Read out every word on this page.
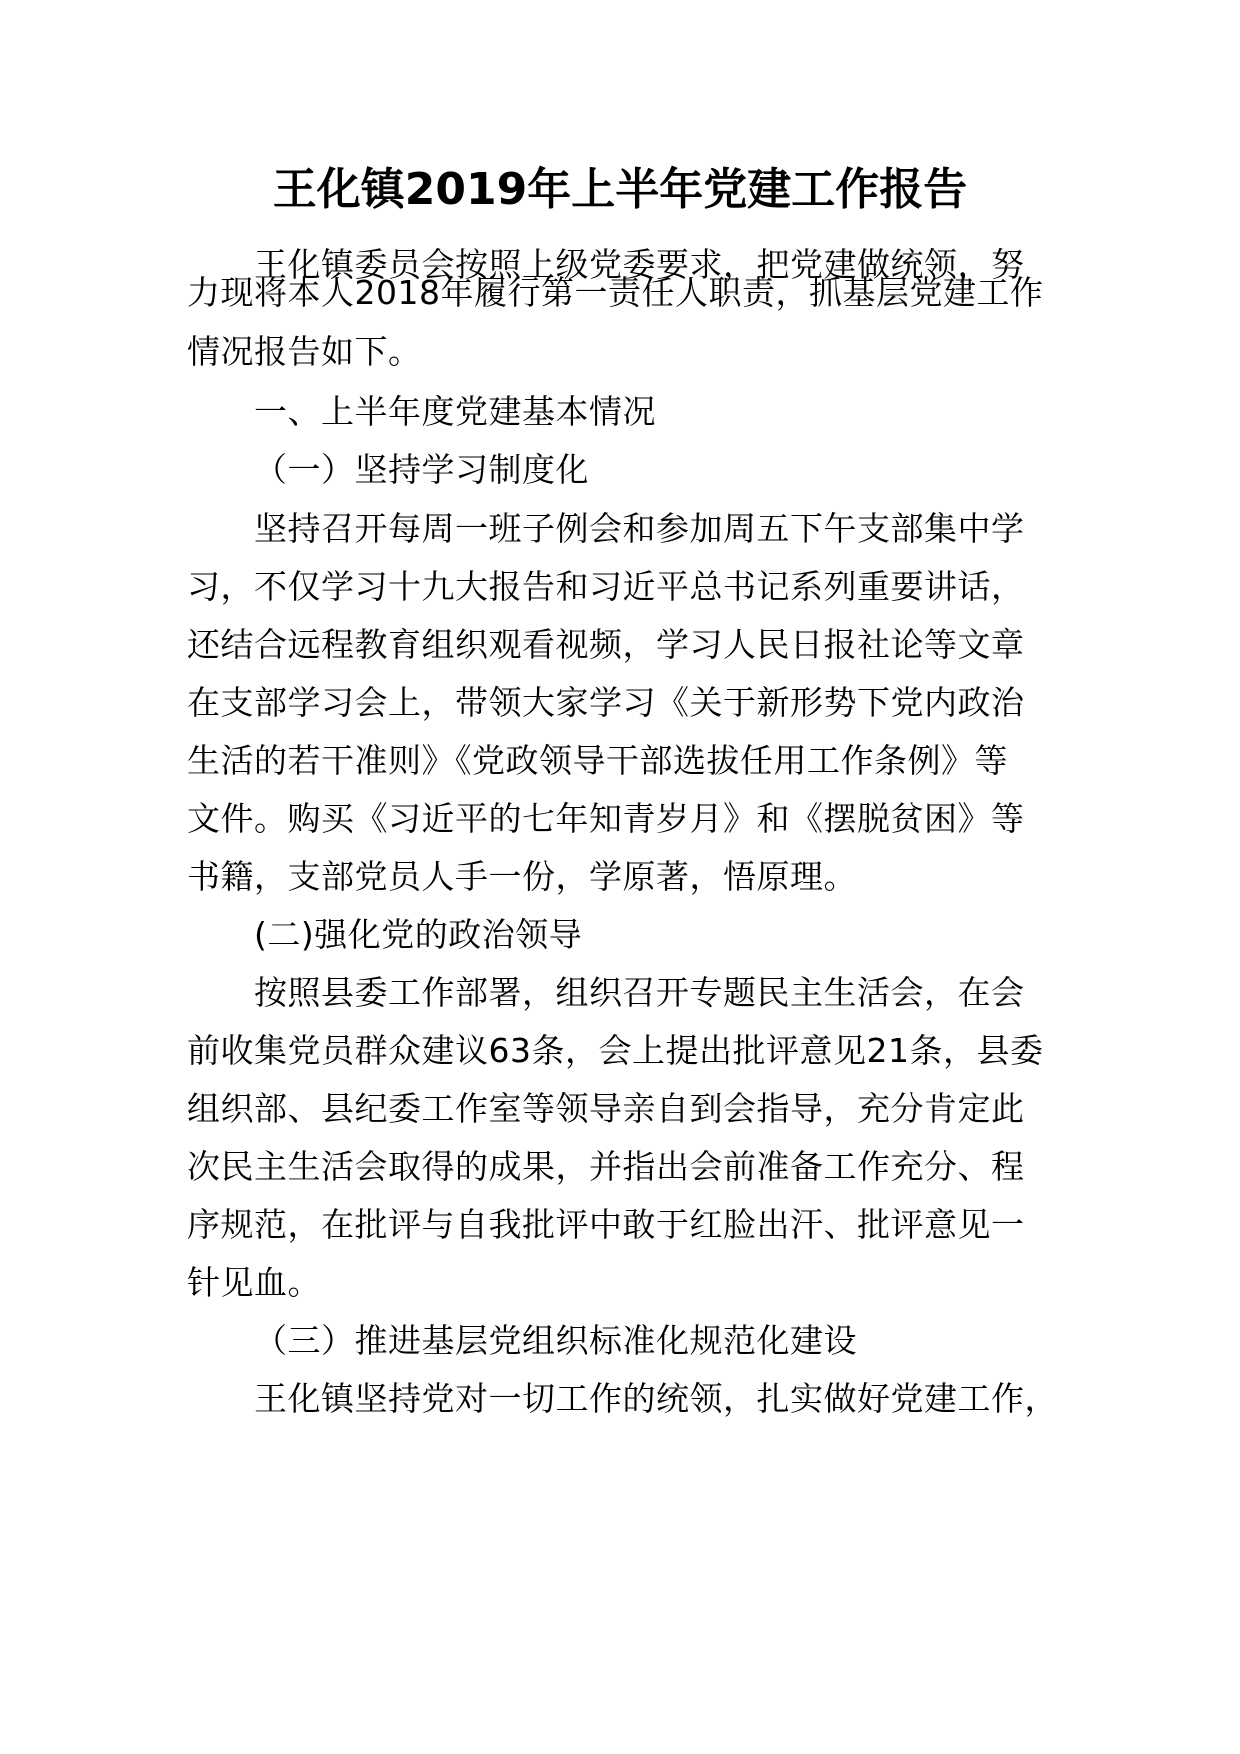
王化镇2019年上半年党建工作报告
王化镇委员会按照上级党委要求，把党建做统领，努
力现将本人2018年履行第一责任人职责，抓基层党建工作
情况报告如下。
一、上半年度党建基本情况
（一）坚持学习制度化
坚持召开每周一班子例会和参加周五下午支部集中学
习，不仅学习十九大报告和习近平总书记系列重要讲话，
还结合远程教育组织观看视频，学习人民日报社论等文章
在支部学习会上，带领大家学习《关于新形势下党内政治
生活的若干准则》《党政领导干部选拔任用工作条例》等
文件。购买《习近平的七年知青岁月》和《摆脱贫困》等
书籍，支部党员人手一份，学原著，悟原理。
(二)强化党的政治领导
按照县委工作部署，组织召开专题民主生活会，在会
前收集党员群众建议63条，会上提出批评意见21条，县委
组织部、县纪委工作室等领导亲自到会指导，充分肯定此
次民主生活会取得的成果，并指出会前准备工作充分、程
序规范，在批评与自我批评中敢于红脸出汗、批评意见一
针见血。
（三）推进基层党组织标准化规范化建设
王化镇坚持党对一切工作的统领，扎实做好党建工作，
